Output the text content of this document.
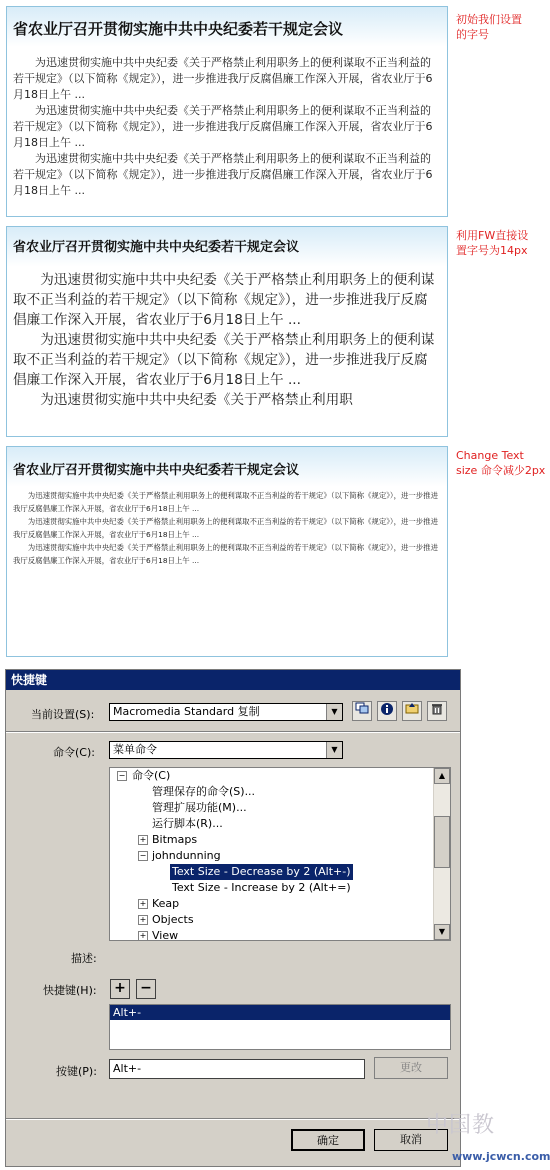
省农业厅召开贯彻实施中共中央纪委若干规定会议

为迅速贯彻实施中共中央纪委《关于严格禁止利用职务上的便利谋取不正当利益的若干规定》（以下简称《规定》），进一步推进我厅反腐倡廉工作深入开展，省农业厅于6月18日上午 ...

为迅速贯彻实施中共中央纪委《关于严格禁止利用职务上的便利谋取不正当利益的若干规定》（以下简称《规定》），进一步推进我厅反腐倡廉工作深入开展，省农业厅于6月18日上午 ...

为迅速贯彻实施中共中央纪委《关于严格禁止利用职务上的便利谋取不正当利益的若干规定》（以下简称《规定》），进一步推进我厅反腐倡廉工作深入开展，省农业厅于6月18日上午 ...

初始我们设置
的字号
省农业厅召开贯彻实施中共中央纪委若干规定会议

为迅速贯彻实施中共中央纪委《关于严格禁止利用职务上的便利谋取不正当利益的若干规定》（以下简称《规定》），进一步推进我厅反腐倡廉工作深入开展，省农业厅于6月18日上午 ...

为迅速贯彻实施中共中央纪委《关于严格禁止利用职务上的便利谋取不正当利益的若干规定》（以下简称《规定》），进一步推进我厅反腐倡廉工作深入开展，省农业厅于6月18日上午 ...

为迅速贯彻实施中共中央纪委《关于严格禁止利用职

利用FW直接设
置字号为14px
省农业厅召开贯彻实施中共中央纪委若干规定会议

为迅速贯彻实施中共中央纪委《关于严格禁止利用职务上的便利谋取不正当利益的若干规定》（以下简称《规定》），进一步推进我厅反腐倡廉工作深入开展，省农业厅于6月18日上午 ...

为迅速贯彻实施中共中央纪委《关于严格禁止利用职务上的便利谋取不正当利益的若干规定》（以下简称《规定》），进一步推进我厅反腐倡廉工作深入开展，省农业厅于6月18日上午 ...

为迅速贯彻实施中共中央纪委《关于严格禁止利用职务上的便利谋取不正当利益的若干规定》（以下简称《规定》），进一步推进我厅反腐倡廉工作深入开展，省农业厅于6月18日上午 ...

Change Text
size 命令减少2px
快捷键
当前设置(S):	Macromedia Standard 复制	▼
命令(C):	菜单命令	▼
− 命令(C)
管理保存的命令(S)...
管理扩展功能(M)...
运行脚本(R)...
+ Bitmaps
− johndunning
Text Size - Decrease by 2 (Alt+-)
Text Size - Increase by 2 (Alt+=)
+ Keap
+ Objects
+ View
▲
▼
描述:
快捷键(H): + −
Alt+-
按键(P):	Alt+-	更改
确定	取消
中国教
www.jcwcn.com
